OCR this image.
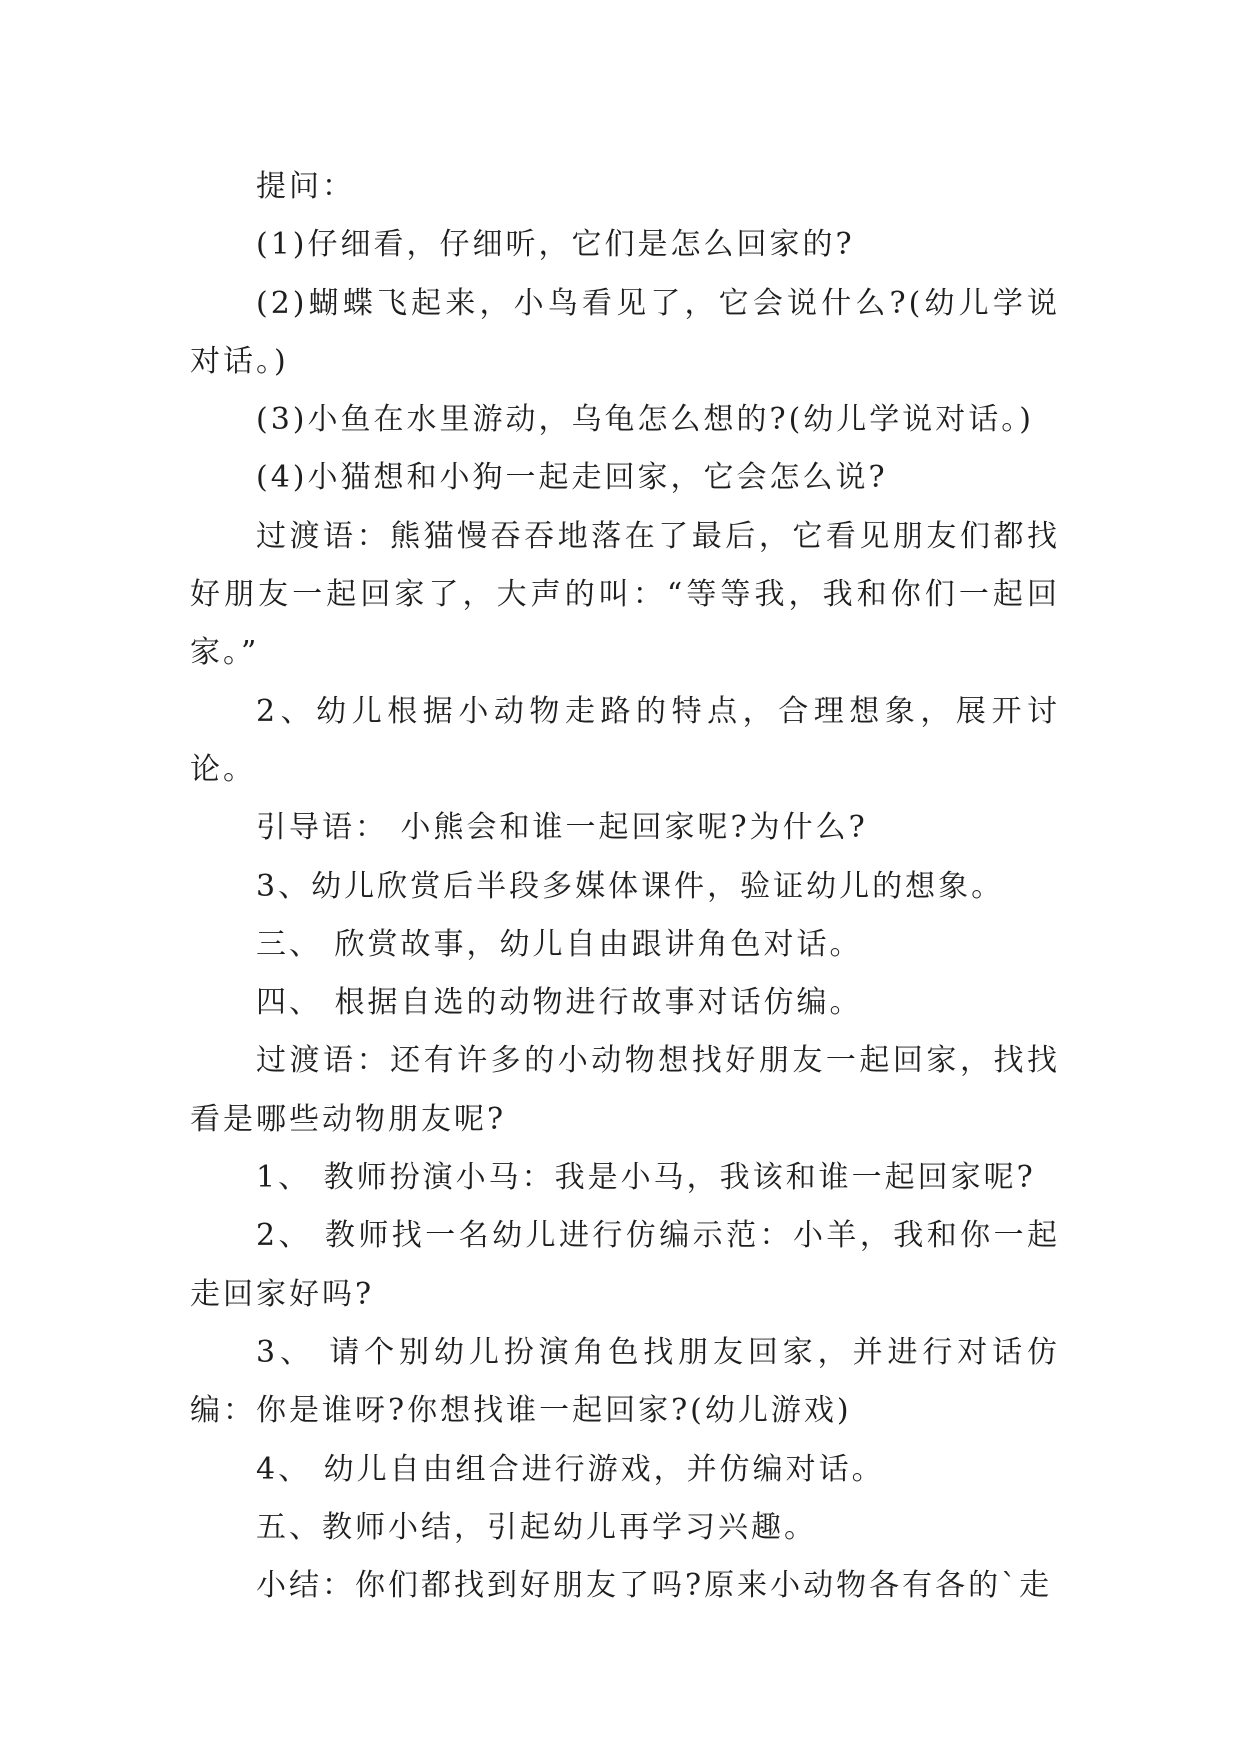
提问：

(1)仔细看，仔细听，它们是怎么回家的?

(2)蝴蝶飞起来，小鸟看见了，它会说什么?(幼儿学说对话。)

(3)小鱼在水里游动，乌龟怎么想的?(幼儿学说对话。)

(4)小猫想和小狗一起走回家，它会怎么说?

过渡语：熊猫慢吞吞地落在了最后，它看见朋友们都找好朋友一起回家了，大声的叫：“等等我，我和你们一起回家。”

2、幼儿根据小动物走路的特点，合理想象，展开讨论。

引导语： 小熊会和谁一起回家呢?为什么?

3、幼儿欣赏后半段多媒体课件，验证幼儿的想象。

三、 欣赏故事，幼儿自由跟讲角色对话。

四、 根据自选的动物进行故事对话仿编。

过渡语：还有许多的小动物想找好朋友一起回家，找找看是哪些动物朋友呢?

1、 教师扮演小马：我是小马，我该和谁一起回家呢?

2、 教师找一名幼儿进行仿编示范：小羊，我和你一起走回家好吗?

3、 请个别幼儿扮演角色找朋友回家，并进行对话仿编：你是谁呀?你想找谁一起回家?(幼儿游戏)

4、 幼儿自由组合进行游戏，并仿编对话。

五、教师小结，引起幼儿再学习兴趣。

小结：你们都找到好朋友了吗?原来小动物各有各的`走
